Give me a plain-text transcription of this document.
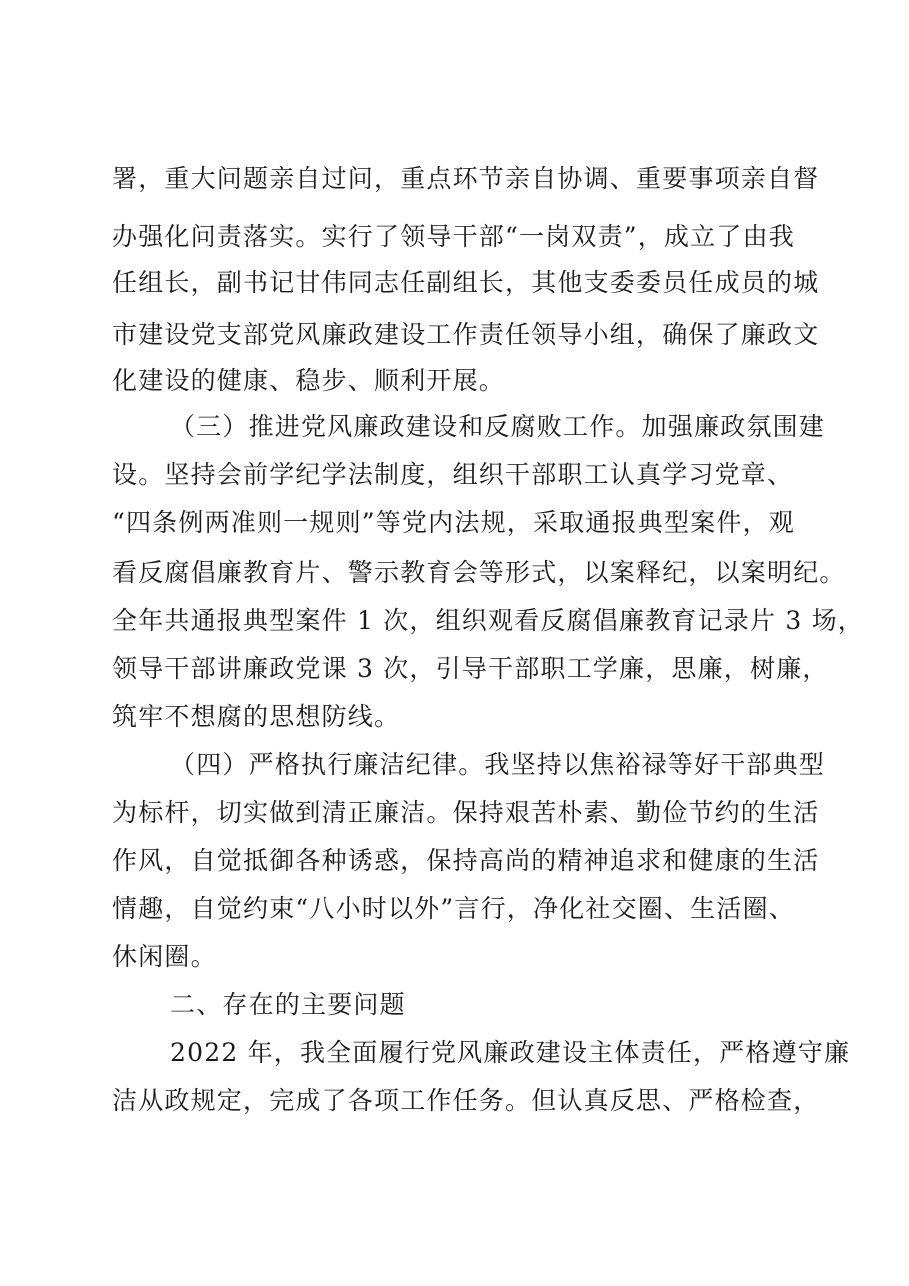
署，重大问题亲自过问，重点环节亲自协调、重要事项亲自督
办强化问责落实。实行了领导干部“一岗双责”，成立了由我
任组长，副书记甘伟同志任副组长，其他支委委员任成员的城
市建设党支部党风廉政建设工作责任领导小组，确保了廉政文
化建设的健康、稳步、顺利开展。
（三）推进党风廉政建设和反腐败工作。加强廉政氛围建
设。坚持会前学纪学法制度，组织干部职工认真学习党章、
“四条例两准则一规则”等党内法规，采取通报典型案件，观
看反腐倡廉教育片、警示教育会等形式，以案释纪，以案明纪。
全年共通报典型案件 1 次，组织观看反腐倡廉教育记录片 3 场，
领导干部讲廉政党课 3 次，引导干部职工学廉，思廉，树廉，
筑牢不想腐的思想防线。
（四）严格执行廉洁纪律。我坚持以焦裕禄等好干部典型
为标杆，切实做到清正廉洁。保持艰苦朴素、勤俭节约的生活
作风，自觉抵御各种诱惑，保持高尚的精神追求和健康的生活
情趣，自觉约束“八小时以外”言行，净化社交圈、生活圈、
休闲圈。
二、存在的主要问题
2022 年，我全面履行党风廉政建设主体责任，严格遵守廉
洁从政规定，完成了各项工作任务。但认真反思、严格检查，
